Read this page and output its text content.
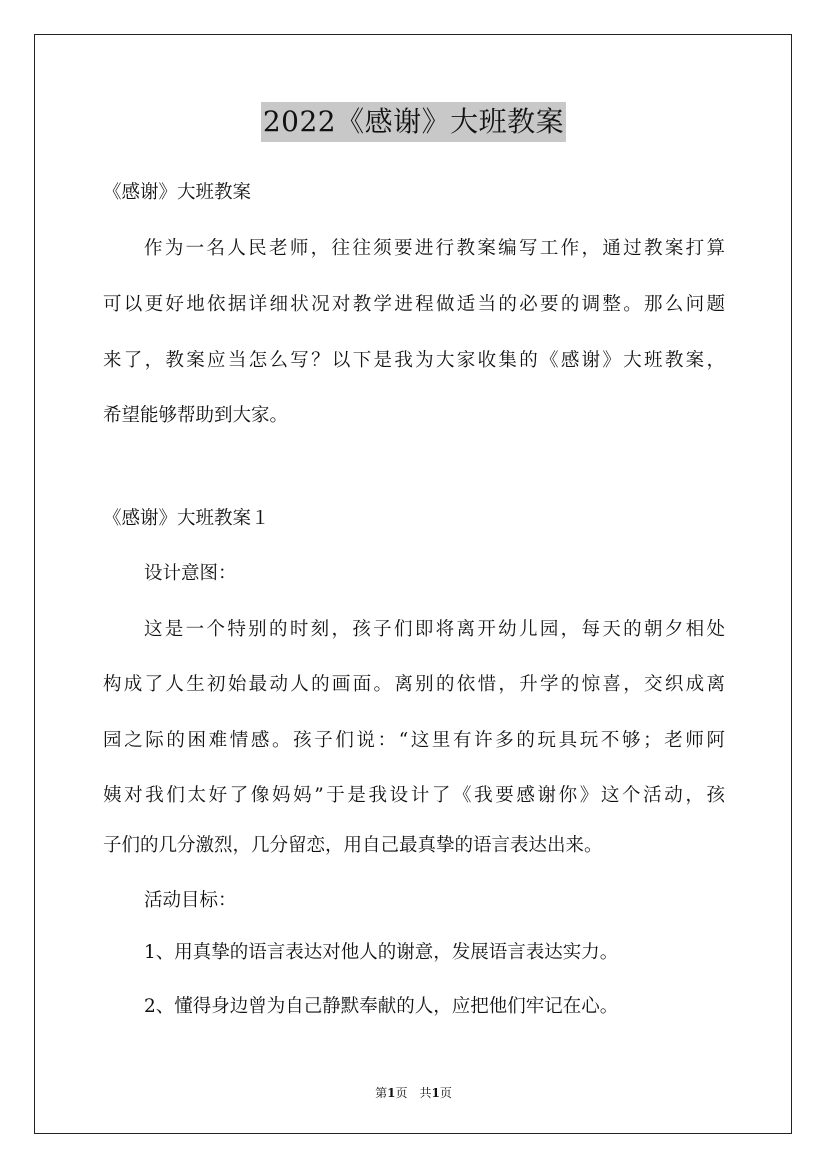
2022《感谢》大班教案

《感谢》大班教案

作为一名人民老师，往往须要进行教案编写工作，通过教案打算

可以更好地依据详细状况对教学进程做适当的必要的调整。那么问题

来了，教案应当怎么写？以下是我为大家收集的《感谢》大班教案，

希望能够帮助到大家。

《感谢》大班教案１

设计意图：

这是一个特别的时刻，孩子们即将离开幼儿园，每天的朝夕相处

构成了人生初始最动人的画面。离别的依惜，升学的惊喜，交织成离

园之际的困难情感。孩子们说：“这里有许多的玩具玩不够；老师阿

姨对我们太好了像妈妈”于是我设计了《我要感谢你》这个活动，孩

子们的几分激烈，几分留恋，用自己最真挚的语言表达出来。

活动目标：

1、用真挚的语言表达对他人的谢意，发展语言表达实力。

2、懂得身边曾为自己静默奉献的人，应把他们牢记在心。

第1页　共1页
